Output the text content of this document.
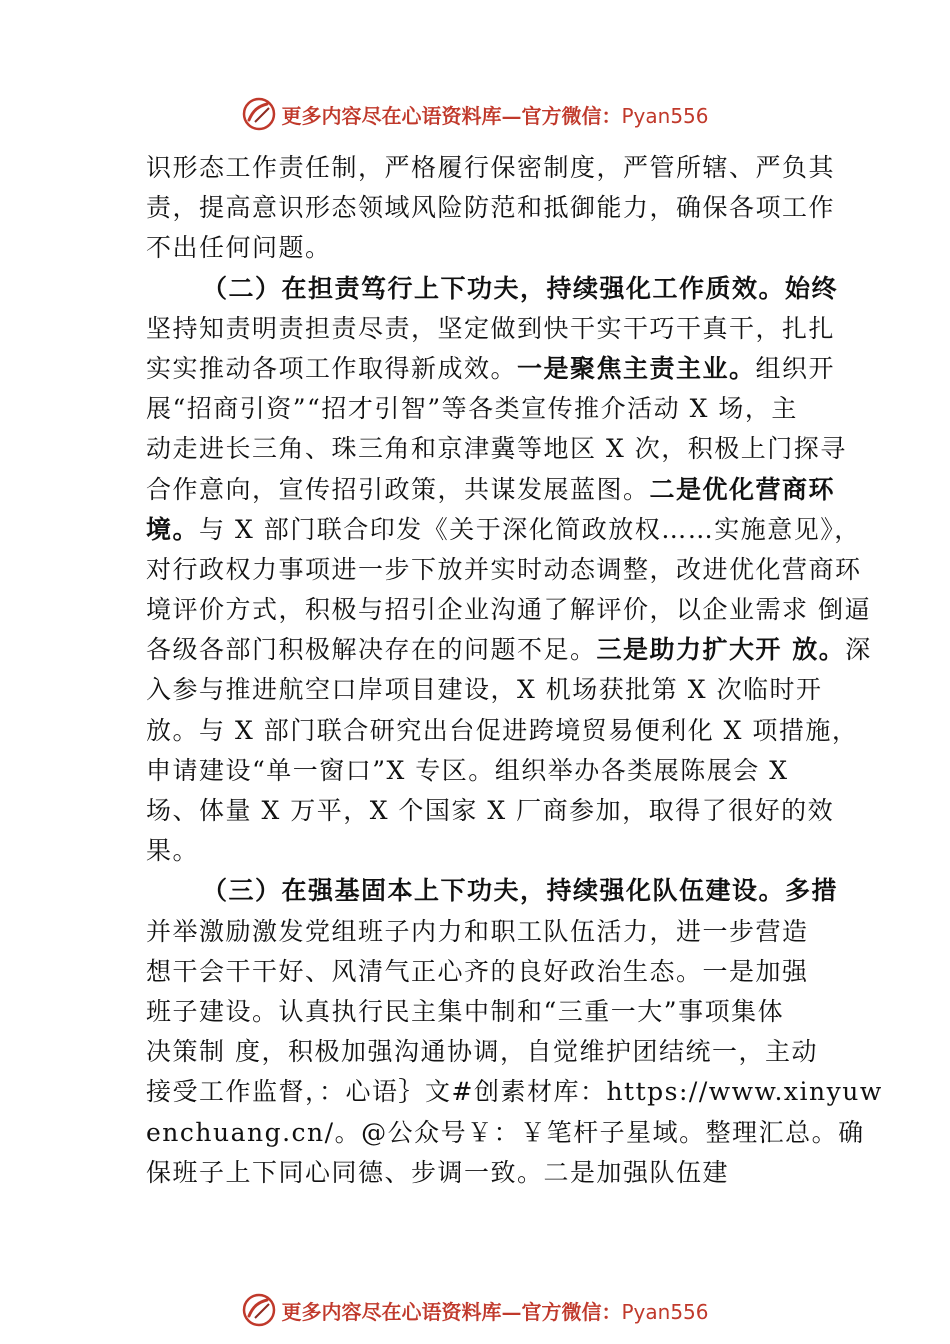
更多内容尽在心语资料库—官方微信：Pyan556
识形态工作责任制，严格履行保密制度，严管所辖、严负其
责，提高意识形态领域风险防范和抵御能力，确保各项工作
不出任何问题。
（二）在担责笃行上下功夫，持续强化工作质效。始终
坚持知责明责担责尽责，坚定做到快干实干巧干真干，扎扎
实实推动各项工作取得新成效。一是聚焦主责主业。组织开
展“招商引资”“招才引智”等各类宣传推介活动 X 场，主
动走进长三角、珠三角和京津冀等地区 X 次，积极上门探寻
合作意向，宣传招引政策，共谋发展蓝图。二是优化营商环
境。与 X 部门联合印发《关于深化简政放权……实施意见》，
对行政权力事项进一步下放并实时动态调整，改进优化营商环
境评价方式，积极与招引企业沟通了解评价，以企业需求 倒逼
各级各部门积极解决存在的问题不足。三是助力扩大开 放。深
入参与推进航空口岸项目建设，X 机场获批第 X 次临时开
放。与 X 部门联合研究出台促进跨境贸易便利化 X 项措施，
申请建设“单一窗口”X 专区。组织举办各类展陈展会 X
场、体量 X 万平，X 个国家 X 厂商参加，取得了很好的效
果。
（三）在强基固本上下功夫，持续强化队伍建设。多措
并举激励激发党组班子内力和职工队伍活力，进一步营造
想干会干干好、风清气正心齐的良好政治生态。一是加强
班子建设。认真执行民主集中制和“三重一大”事项集体
决策制 度，积极加强沟通协调，自觉维护团结统一，主动
接受工作监督，：心语｝文#创素材库：https://www.xinyuw
enchuang.cn/。@公众号￥：￥笔杆子星域。整理汇总。确
保班子上下同心同德、步调一致。二是加强队伍建
更多内容尽在心语资料库—官方微信：Pyan556
